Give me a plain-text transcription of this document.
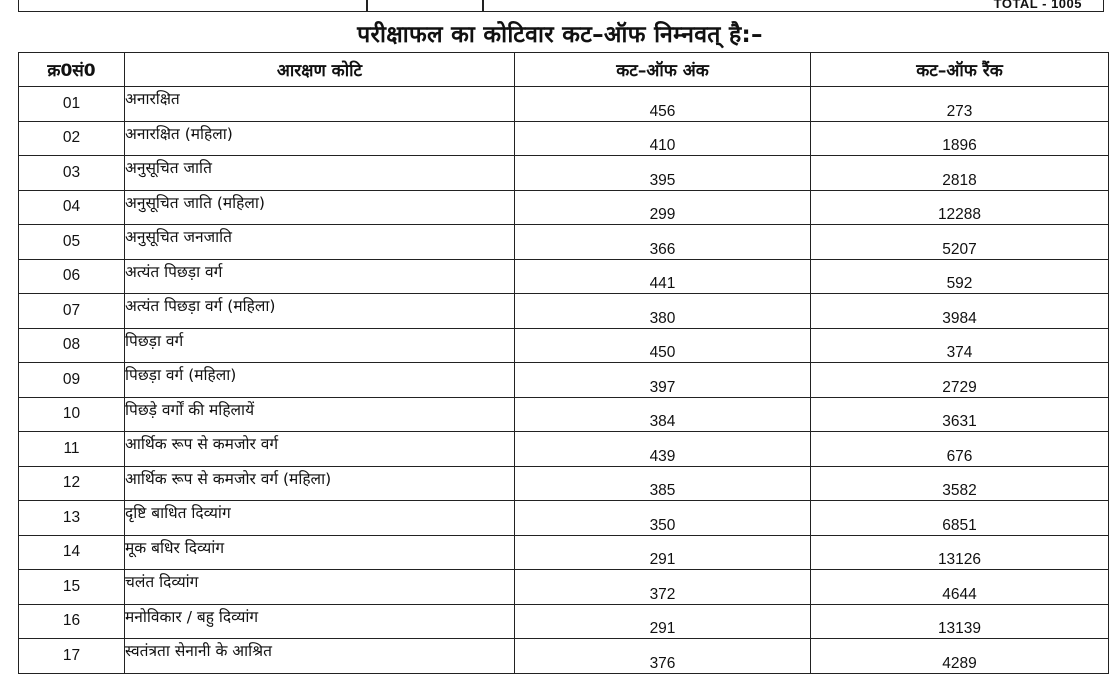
TOTAL - 1005
परीक्षाफल का कोटिवार कट–ऑफ निम्नवत् है:–
क्र0सं0	आरक्षण कोटि	कट–ऑफ अंक	कट–ऑफ रैंक
01	अनारक्षित	456	273
02	अनारक्षित (महिला)	410	1896
03	अनुसूचित जाति	395	2818
04	अनुसूचित जाति (महिला)	299	12288
05	अनुसूचित जनजाति	366	5207
06	अत्यंत पिछड़ा वर्ग	441	592
07	अत्यंत पिछड़ा वर्ग (महिला)	380	3984
08	पिछड़ा वर्ग	450	374
09	पिछड़ा वर्ग (महिला)	397	2729
10	पिछड़े वर्गों की महिलायें	384	3631
11	आर्थिक रूप से कमजोर वर्ग	439	676
12	आर्थिक रूप से कमजोर वर्ग (महिला)	385	3582
13	दृष्टि बाधित दिव्यांग	350	6851
14	मूक बधिर दिव्यांग	291	13126
15	चलंत दिव्यांग	372	4644
16	मनोविकार / बहु दिव्यांग	291	13139
17	स्वतंत्रता सेनानी के आश्रित	376	4289
